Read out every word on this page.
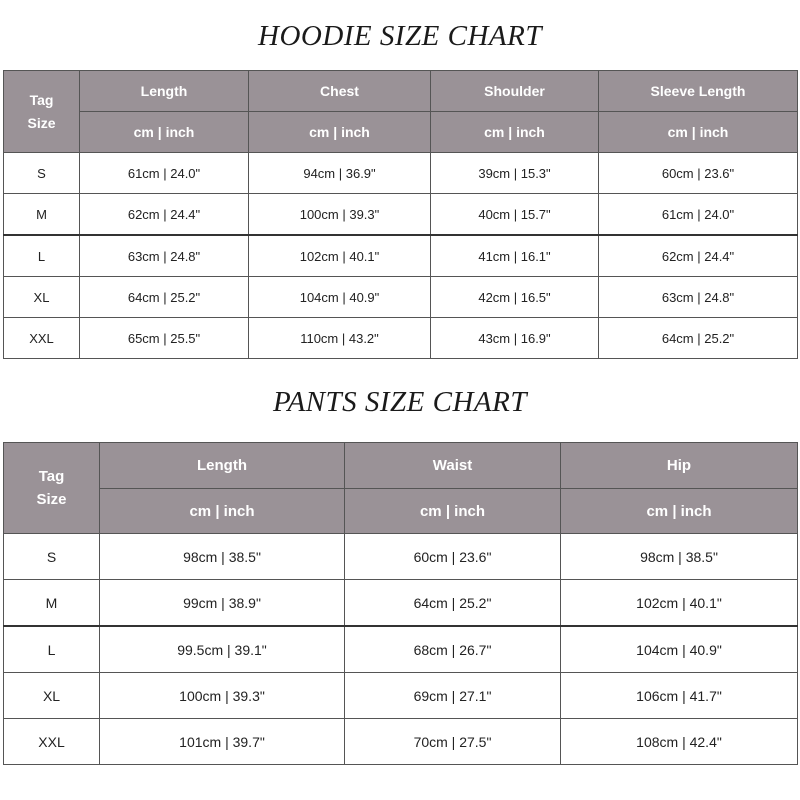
HOODIE SIZE CHART
Tag
Size	Length	Chest	Shoulder	Sleeve Length
	cm | inch	cm | inch	cm | inch	cm | inch
S	61cm | 24.0"	94cm | 36.9"	39cm | 15.3"	60cm | 23.6"
M	62cm | 24.4"	100cm | 39.3"	40cm | 15.7"	61cm | 24.0"
L	63cm | 24.8"	102cm | 40.1"	41cm | 16.1"	62cm | 24.4"
XL	64cm | 25.2"	104cm | 40.9"	42cm | 16.5"	63cm | 24.8"
XXL	65cm | 25.5"	110cm | 43.2"	43cm | 16.9"	64cm | 25.2"
PANTS SIZE CHART
Tag
Size	Length	Waist	Hip
	cm | inch	cm | inch	cm | inch
S	98cm | 38.5"	60cm | 23.6"	98cm | 38.5"
M	99cm | 38.9"	64cm | 25.2"	102cm | 40.1"
L	99.5cm | 39.1"	68cm | 26.7"	104cm | 40.9"
XL	100cm | 39.3"	69cm | 27.1"	106cm | 41.7"
XXL	101cm | 39.7"	70cm | 27.5"	108cm | 42.4"
